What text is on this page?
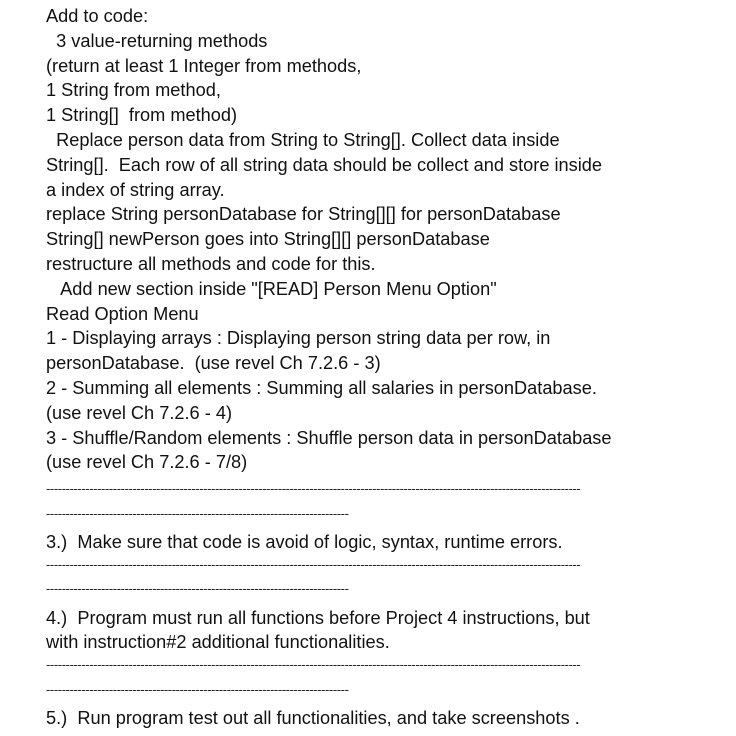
Add to code:

3 value-returning methods

(return at least 1 Integer from methods,

1 String from method,

1 String[]  from method)

Replace person data from String to String[]. Collect data inside

String[].  Each row of all string data should be collect and store inside

a index of string array.

replace String personDatabase for String[][] for personDatabase

String[] newPerson goes into String[][] personDatabase

restructure all methods and code for this.

Add new section inside "[READ] Person Menu Option"

Read Option Menu

1 - Displaying arrays : Displaying person string data per row, in

personDatabase.  (use revel Ch 7.2.6 - 3)

2 - Summing all elements : Summing all salaries in personDatabase.

(use revel Ch 7.2.6 - 4)

3 - Shuffle/Random elements : Shuffle person data in personDatabase

(use revel Ch 7.2.6 - 7/8)

----------------------------------------------------------------------------------------------------------------------------------------
-----------------------------------------------------------------------------

3.)  Make sure that code is avoid of logic, syntax, runtime errors.

----------------------------------------------------------------------------------------------------------------------------------------
-----------------------------------------------------------------------------

4.)  Program must run all functions before Project 4 instructions, but

with instruction#2 additional functionalities.

----------------------------------------------------------------------------------------------------------------------------------------
-----------------------------------------------------------------------------

5.)  Run program test out all functionalities, and take screenshots .
